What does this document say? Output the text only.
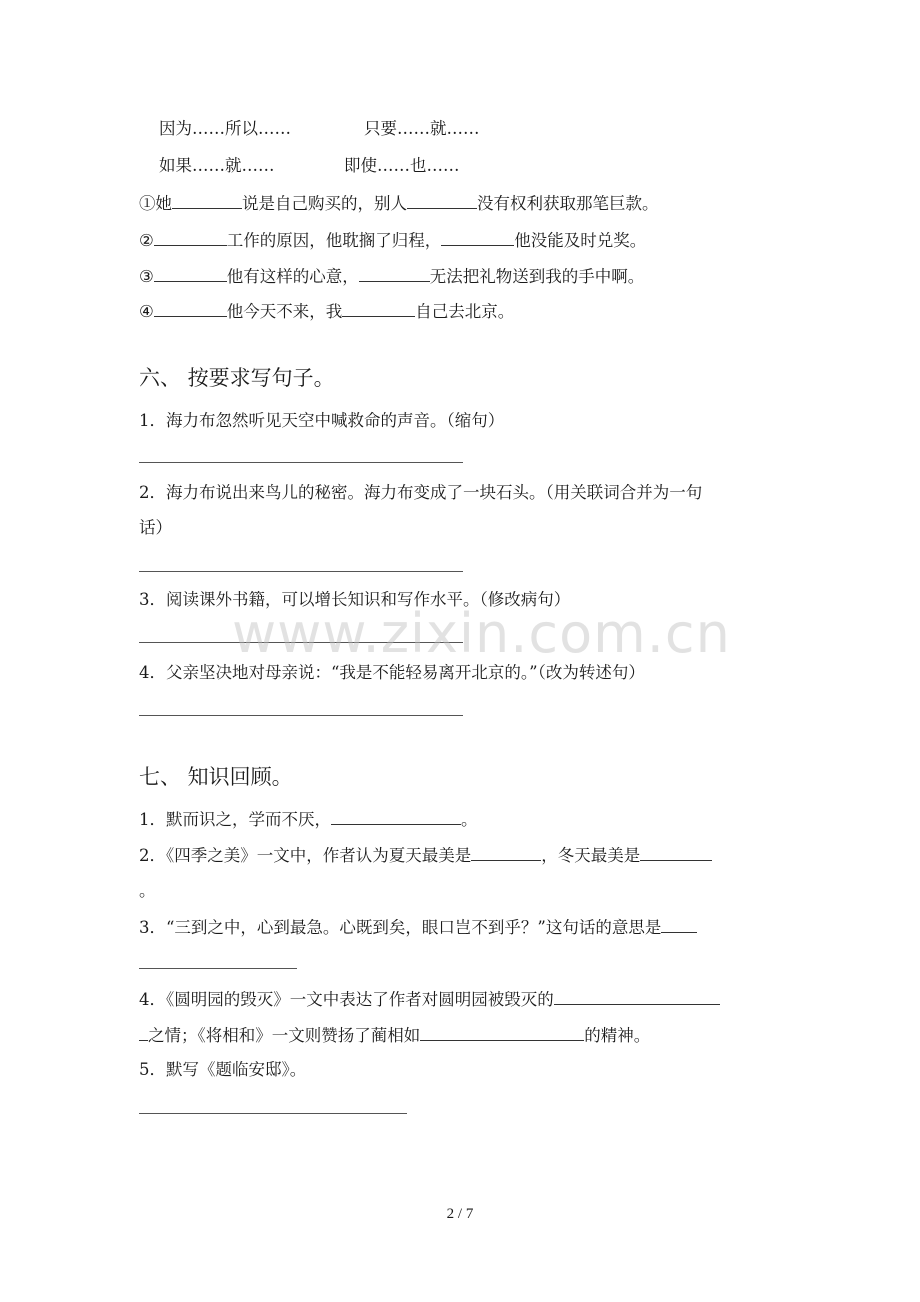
因为……所以……	只要……就……
如果……就……	即使……也……
①她	说是自己购买的，别人	没有权利获取那笔巨款。
②	工作的原因，他耽搁了归程，	他没能及时兑奖。
③	他有这样的心意，	无法把礼物送到我的手中啊。
④	他今天不来，我	自己去北京。
六、 按要求写句子。
1．海力布忽然听见天空中喊救命的声音。（缩句）
2．海力布说出来鸟儿的秘密。海力布变成了一块石头。（用关联词合并为一句
话）
3．阅读课外书籍，可以增长知识和写作水平。（修改病句）
4．父亲坚决地对母亲说：“我是不能轻易离开北京的。”（改为转述句）
www.zixin.com.cn
七、 知识回顾。
1．默而识之，学而不厌，	。
2．《四季之美》一文中，作者认为夏天最美是	，冬天最美是
。
3．“三到之中，心到最急。心既到矣，眼口岂不到乎？”这句话的意思是
4．《圆明园的毁灭》一文中表达了作者对圆明园被毁灭的
之情；《将相和》一文则赞扬了蔺相如	的精神。
5．默写《题临安邸》。
2 / 7
